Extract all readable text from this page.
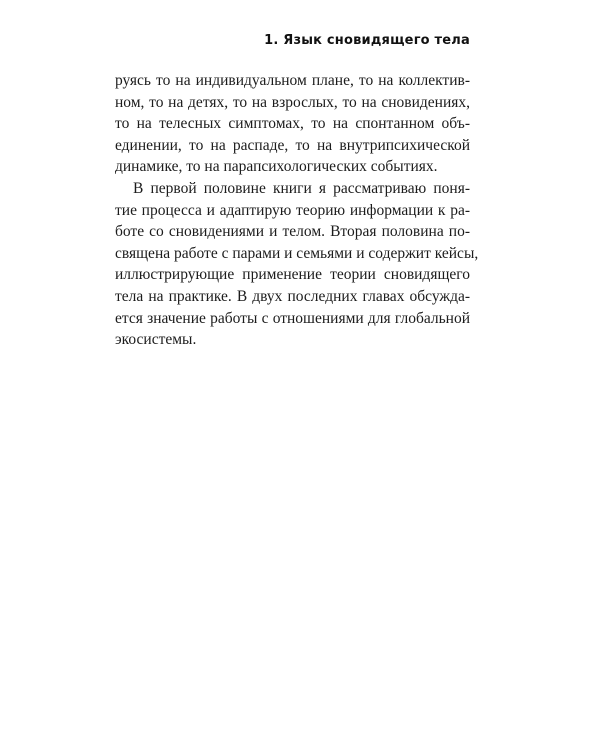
1. Язык сновидящего тела
руясь то на индивидуальном плане, то на коллектив-
ном, то на детях, то на взрослых, то на сновидениях,
то на телесных симптомах, то на спонтанном объ-
единении, то на распаде, то на внутрипсихической
динамике, то на парапсихологических событиях.
В первой половине книги я рассматриваю поня-
тие процесса и адаптирую теорию информации к ра-
боте со сновидениями и телом. Вторая половина по-
священа работе с парами и семьями и содержит кейсы,
иллюстрирующие применение теории сновидящего
тела на практике. В двух последних главах обсужда-
ется значение работы с отношениями для глобальной
экосистемы.
